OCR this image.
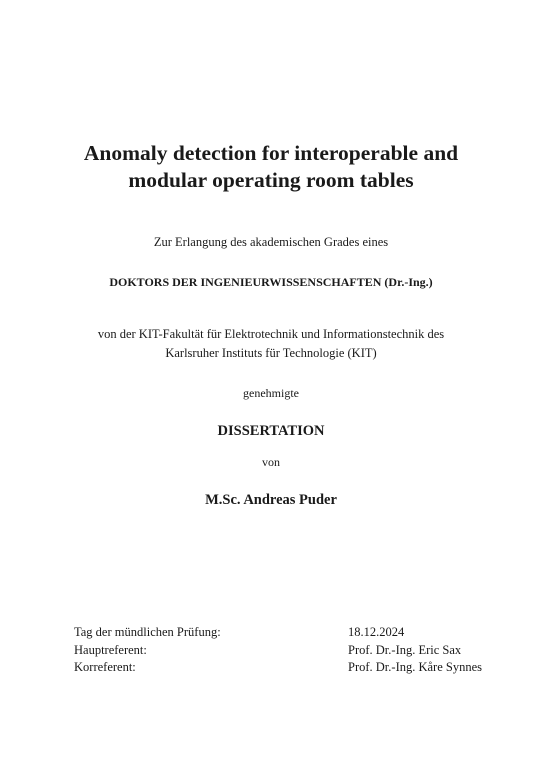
Anomaly detection for interoperable and
modular operating room tables
Zur Erlangung des akademischen Grades eines
DOKTORS DER INGENIEURWISSENSCHAFTEN (Dr.-Ing.)
von der KIT-Fakultät für Elektrotechnik und Informationstechnik des
Karlsruher Instituts für Technologie (KIT)
genehmigte
DISSERTATION
von
M.Sc. Andreas Puder
Tag der mündlichen Prüfung:	18.12.2024
Hauptreferent:	Prof. Dr.-Ing. Eric Sax
Korreferent:	Prof. Dr.-Ing. Kåre Synnes
